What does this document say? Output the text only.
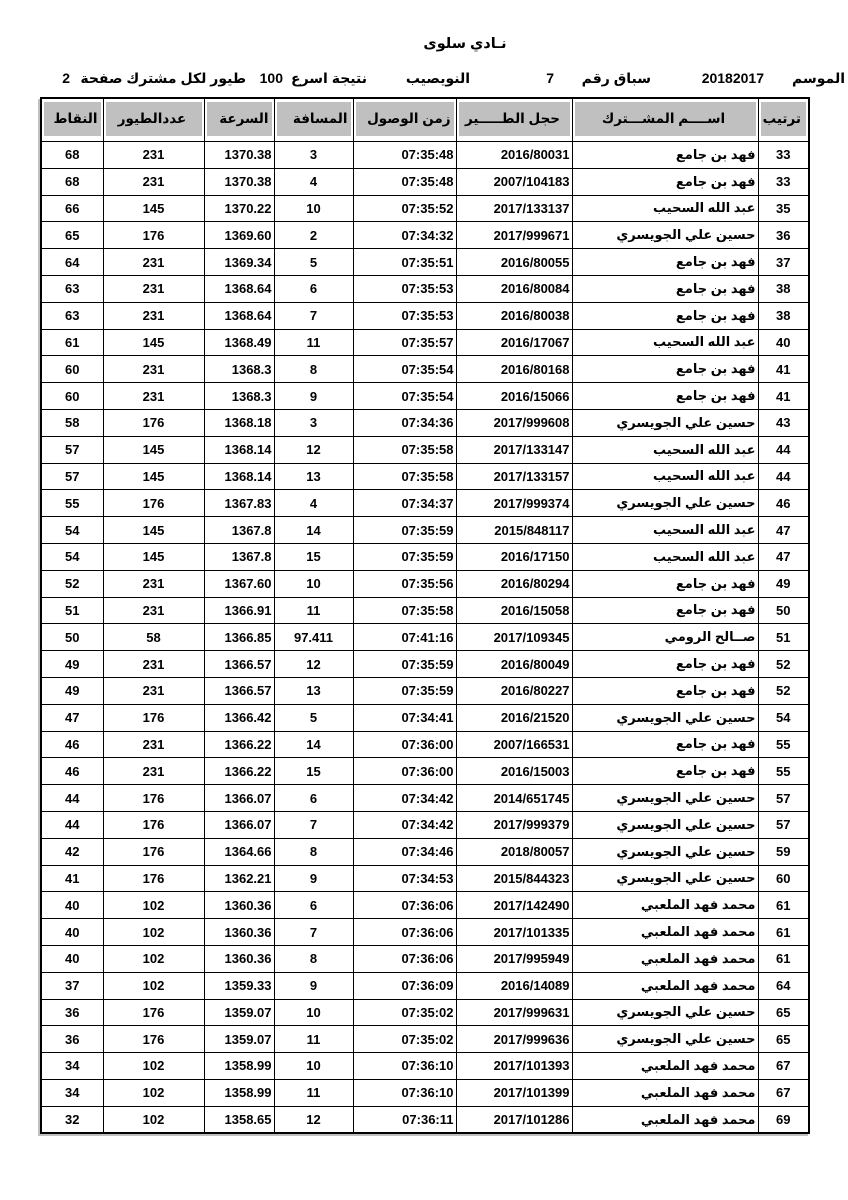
نـادي سلوى
الموسم
20182017
سباق رقم
7
النويصيب
نتيجة اسرع
100
طيور لكل مشترك صفحة
2
ترتيب	اســــم المشـــترك	حجل الطـــــير	زمن الوصول	المسافة	السرعة	عددالطيور	النقاط

33	فهد بن جامع	2016/80031	07:35:48	3	1370.38	231	68
33	فهد بن جامع	2007/104183	07:35:48	4	1370.38	231	68
35	عبد الله السحيب	2017/133137	07:35:52	10	1370.22	145	66
36	حسين علي الجويسري	2017/999671	07:34:32	2	1369.60	176	65
37	فهد بن جامع	2016/80055	07:35:51	5	1369.34	231	64
38	فهد بن جامع	2016/80084	07:35:53	6	1368.64	231	63
38	فهد بن جامع	2016/80038	07:35:53	7	1368.64	231	63
40	عبد الله السحيب	2016/17067	07:35:57	11	1368.49	145	61
41	فهد بن جامع	2016/80168	07:35:54	8	1368.3	231	60
41	فهد بن جامع	2016/15066	07:35:54	9	1368.3	231	60
43	حسين علي الجويسري	2017/999608	07:34:36	3	1368.18	176	58
44	عبد الله السحيب	2017/133147	07:35:58	12	1368.14	145	57
44	عبد الله السحيب	2017/133157	07:35:58	13	1368.14	145	57
46	حسين علي الجويسري	2017/999374	07:34:37	4	1367.83	176	55
47	عبد الله السحيب	2015/848117	07:35:59	14	1367.8	145	54
47	عبد الله السحيب	2016/17150	07:35:59	15	1367.8	145	54
49	فهد بن جامع	2016/80294	07:35:56	10	1367.60	231	52
50	فهد بن جامع	2016/15058	07:35:58	11	1366.91	231	51
51	صــالح الرومي	2017/109345	07:41:16	97.411	1366.85	58	50
52	فهد بن جامع	2016/80049	07:35:59	12	1366.57	231	49
52	فهد بن جامع	2016/80227	07:35:59	13	1366.57	231	49
54	حسين علي الجويسري	2016/21520	07:34:41	5	1366.42	176	47
55	فهد بن جامع	2007/166531	07:36:00	14	1366.22	231	46
55	فهد بن جامع	2016/15003	07:36:00	15	1366.22	231	46
57	حسين علي الجويسري	2014/651745	07:34:42	6	1366.07	176	44
57	حسين علي الجويسري	2017/999379	07:34:42	7	1366.07	176	44
59	حسين علي الجويسري	2018/80057	07:34:46	8	1364.66	176	42
60	حسين علي الجويسري	2015/844323	07:34:53	9	1362.21	176	41
61	محمد فهد الملعبي	2017/142490	07:36:06	6	1360.36	102	40
61	محمد فهد الملعبي	2017/101335	07:36:06	7	1360.36	102	40
61	محمد فهد الملعبي	2017/995949	07:36:06	8	1360.36	102	40
64	محمد فهد الملعبي	2016/14089	07:36:09	9	1359.33	102	37
65	حسين علي الجويسري	2017/999631	07:35:02	10	1359.07	176	36
65	حسين علي الجويسري	2017/999636	07:35:02	11	1359.07	176	36
67	محمد فهد الملعبي	2017/101393	07:36:10	10	1358.99	102	34
67	محمد فهد الملعبي	2017/101399	07:36:10	11	1358.99	102	34
69	محمد فهد الملعبي	2017/101286	07:36:11	12	1358.65	102	32
